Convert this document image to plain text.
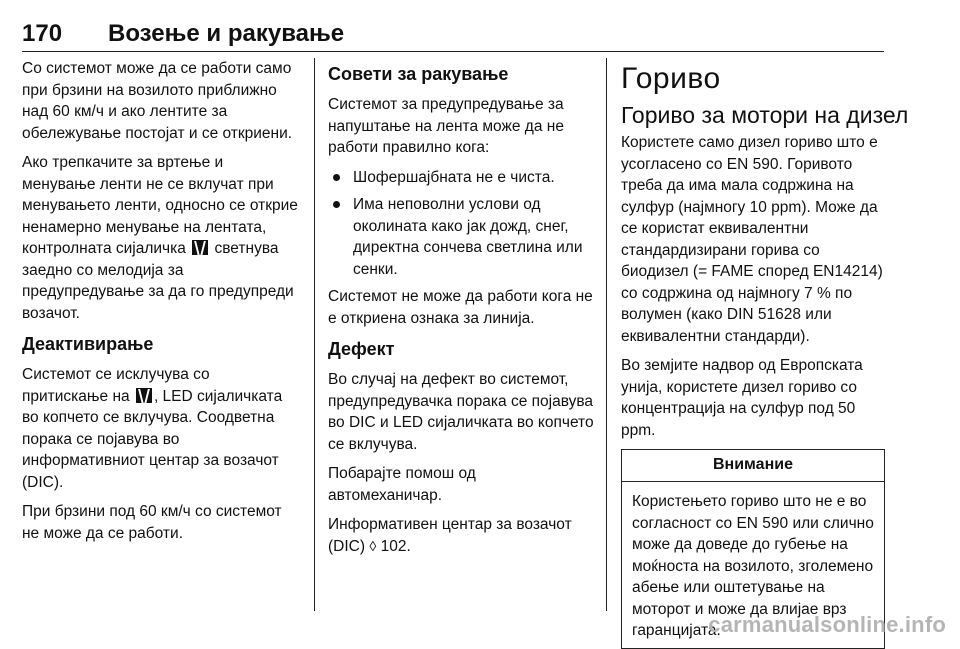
170 Возење и ракување

Со системот може да се работи само при брзини на возилото приближно над 60 км/ч и ако лентите за обележување постојат и се откриени.

Ако трепкачите за вртење и менување ленти не се вклучат при менувањето ленти, односно се открие ненамерно менување на лентата, контролната сијаличка светнува заедно со мелодија за предупредување за да го предупреди возачот.

Деактивирање

Системот се исклучува со притискање на , LED сијаличката во копчето се вклучува. Соодветна порака се појавува во информативниот центар за возачот (DIC).

При брзини под 60 км/ч со системот не може да се работи.

Совети за ракување

Системот за предупредување за напуштање на лента може да не работи правилно кога:

Шофершајбната не е чиста.
Има неповолни услови од околината како јак дожд, снег, директна сончева светлина или сенки.

Системот не може да работи кога не е откриена ознака за линија.

Дефект

Во случај на дефект во системот, предупредувачка порака се појавува во DIC и LED сијаличката во копчето се вклучува.

Побарајте помош од автомеханичар.

Информативен центар за возачот (DIC) ◊ 102.

Гориво
Гориво за мотори на дизел

Користете само дизел гориво што е усогласено со EN 590. Горивото треба да има мала содржина на сулфур (најмногу 10 ppm). Може да се користат еквивалентни стандардизирани горива со биодизел (= FAME според EN14214) со содржина од најмногу 7 % по волумен (како DIN 51628 или еквивалентни стандарди).

Во земјите надвор од Европската унија, користете дизел гориво со концентрација на сулфур под 50 ppm.

Внимание

Користењето гориво што не е во согласност со EN 590 или слично може да доведе до губење на моќноста на возилото, зголемено абење или оштетување на моторот и може да влијае врз гаранцијата.

carmanualsonline.info
